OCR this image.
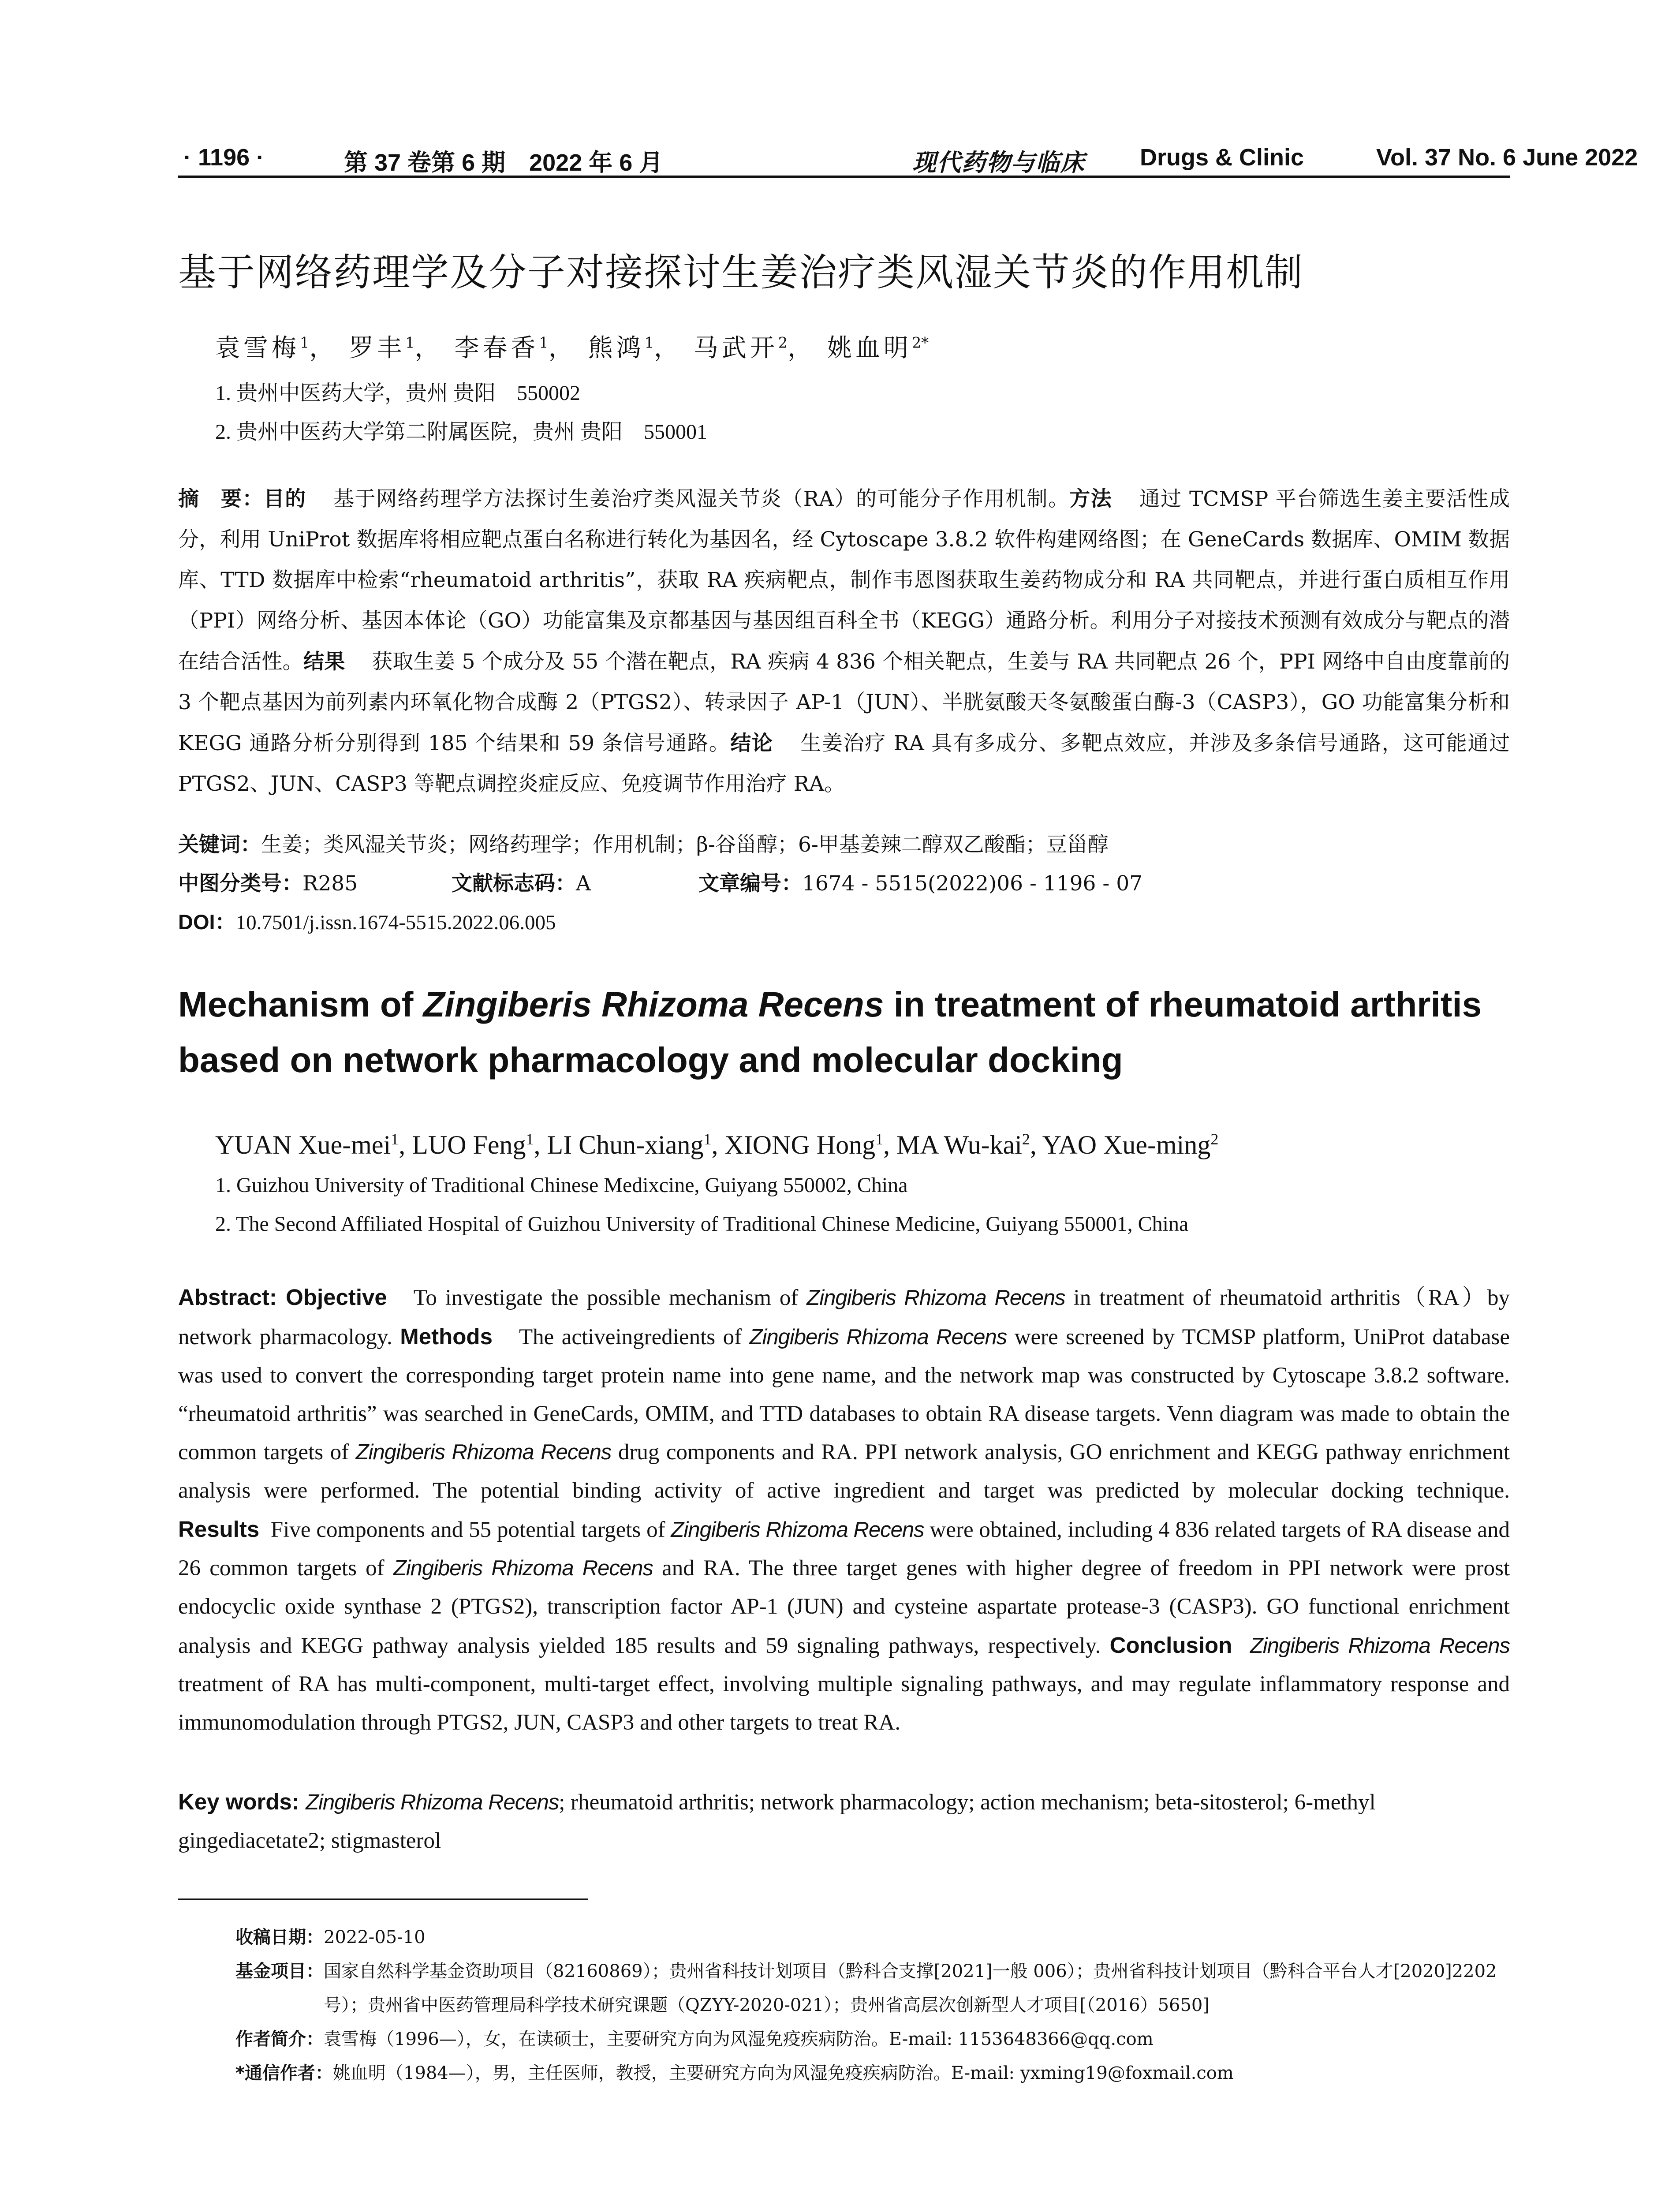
· 1196 ·	第 37 卷第 6 期　2022 年 6 月	现代药物与临床 Drugs & Clinic	Vol. 37 No. 6 June 2022
基于网络药理学及分子对接探讨生姜治疗类风湿关节炎的作用机制
袁雪梅$^1$， 罗丰$^1$， 李春香$^1$， 熊鸿$^1$， 马武开$^2$， 姚血明$^{2*}$
1. 贵州中医药大学，贵州 贵阳　550002
2. 贵州中医药大学第二附属医院，贵州 贵阳　550001
摘　要：目的 基于网络药理学方法探讨生姜治疗类风湿关节炎（RA）的可能分子作用机制。方法 通过 TCMSP 平台筛选生姜主要活性成分，利用 UniProt 数据库将相应靶点蛋白名称进行转化为基因名，经 Cytoscape 3.8.2 软件构建网络图；在 GeneCards 数据库、OMIM 数据库、TTD 数据库中检索“rheumatoid arthritis”，获取 RA 疾病靶点，制作韦恩图获取生姜药物成分和 RA 共同靶点，并进行蛋白质相互作用（PPI）网络分析、基因本体论（GO）功能富集及京都基因与基因组百科全书（KEGG）通路分析。利用分子对接技术预测有效成分与靶点的潜在结合活性。结果 获取生姜 5 个成分及 55 个潜在靶点，RA 疾病 4 836 个相关靶点，生姜与 RA 共同靶点 26 个，PPI 网络中自由度靠前的 3 个靶点基因为前列素内环氧化物合成酶 2（PTGS2）、转录因子 AP-1（JUN）、半胱氨酸天冬氨酸蛋白酶-3（CASP3），GO 功能富集分析和 KEGG 通路分析分别得到 185 个结果和 59 条信号通路。结论 生姜治疗 RA 具有多成分、多靶点效应，并涉及多条信号通路，这可能通过 PTGS2、JUN、CASP3 等靶点调控炎症反应、免疫调节作用治疗 RA。
关键词：生姜；类风湿关节炎；网络药理学；作用机制；β-谷甾醇；6-甲基姜辣二醇双乙酸酯；豆甾醇
中图分类号：R285	文献标志码：A	文章编号：1674 - 5515(2022)06 - 1196 - 07
DOI：10.7501/j.issn.1674-5515.2022.06.005
Mechanism of Zingiberis Rhizoma Recens in treatment of rheumatoid arthritis based on network pharmacology and molecular docking
YUAN Xue-mei$^1$, LUO Feng$^1$, LI Chun-xiang$^1$, XIONG Hong$^1$, MA Wu-kai$^2$, YAO Xue-ming$^2$
1. Guizhou University of Traditional Chinese Medixcine, Guiyang 550002, China
2. The Second Affiliated Hospital of Guizhou University of Traditional Chinese Medicine, Guiyang 550001, China
Abstract: Objective To investigate the possible mechanism of Zingiberis Rhizoma Recens in treatment of rheumatoid arthritis（RA）by network pharmacology. Methods The activeingredients of Zingiberis Rhizoma Recens were screened by TCMSP platform, UniProt database was used to convert the corresponding target protein name into gene name, and the network map was constructed by Cytoscape 3.8.2 software. “rheumatoid arthritis” was searched in GeneCards, OMIM, and TTD databases to obtain RA disease targets. Venn diagram was made to obtain the common targets of Zingiberis Rhizoma Recens drug components and RA. PPI network analysis, GO enrichment and KEGG pathway enrichment analysis were performed. The potential binding activity of active ingredient and target was predicted by molecular docking technique. Results Five components and 55 potential targets of Zingiberis Rhizoma Recens were obtained, including 4 836 related targets of RA disease and 26 common targets of Zingiberis Rhizoma Recens and RA. The three target genes with higher degree of freedom in PPI network were prost endocyclic oxide synthase 2 (PTGS2), transcription factor AP-1 (JUN) and cysteine aspartate protease-3 (CASP3). GO functional enrichment analysis and KEGG pathway analysis yielded 185 results and 59 signaling pathways, respectively. Conclusion Zingiberis Rhizoma Recens treatment of RA has multi-component, multi-target effect, involving multiple signaling pathways, and may regulate inflammatory response and immunomodulation through PTGS2, JUN, CASP3 and other targets to treat RA.
Key words: Zingiberis Rhizoma Recens; rheumatoid arthritis; network pharmacology; action mechanism; beta-sitosterol; 6-methyl gingediacetate2; stigmasterol
收稿日期： 2022-05-10
基金项目： 国家自然科学基金资助项目（82160869）；贵州省科技计划项目（黔科合支撑[2021]一般 006）；贵州省科技计划项目（黔科合平台人才[2020]2202 号）；贵州省中医药管理局科学技术研究课题（QZYY-2020-021）；贵州省高层次创新型人才项目[（2016）5650]
作者简介： 袁雪梅（1996—），女，在读硕士，主要研究方向为风湿免疫疾病防治。E-mail: 1153648366@qq.com
*通信作者： 姚血明（1984—），男，主任医师，教授，主要研究方向为风湿免疫疾病防治。E-mail: yxming19@foxmail.com
